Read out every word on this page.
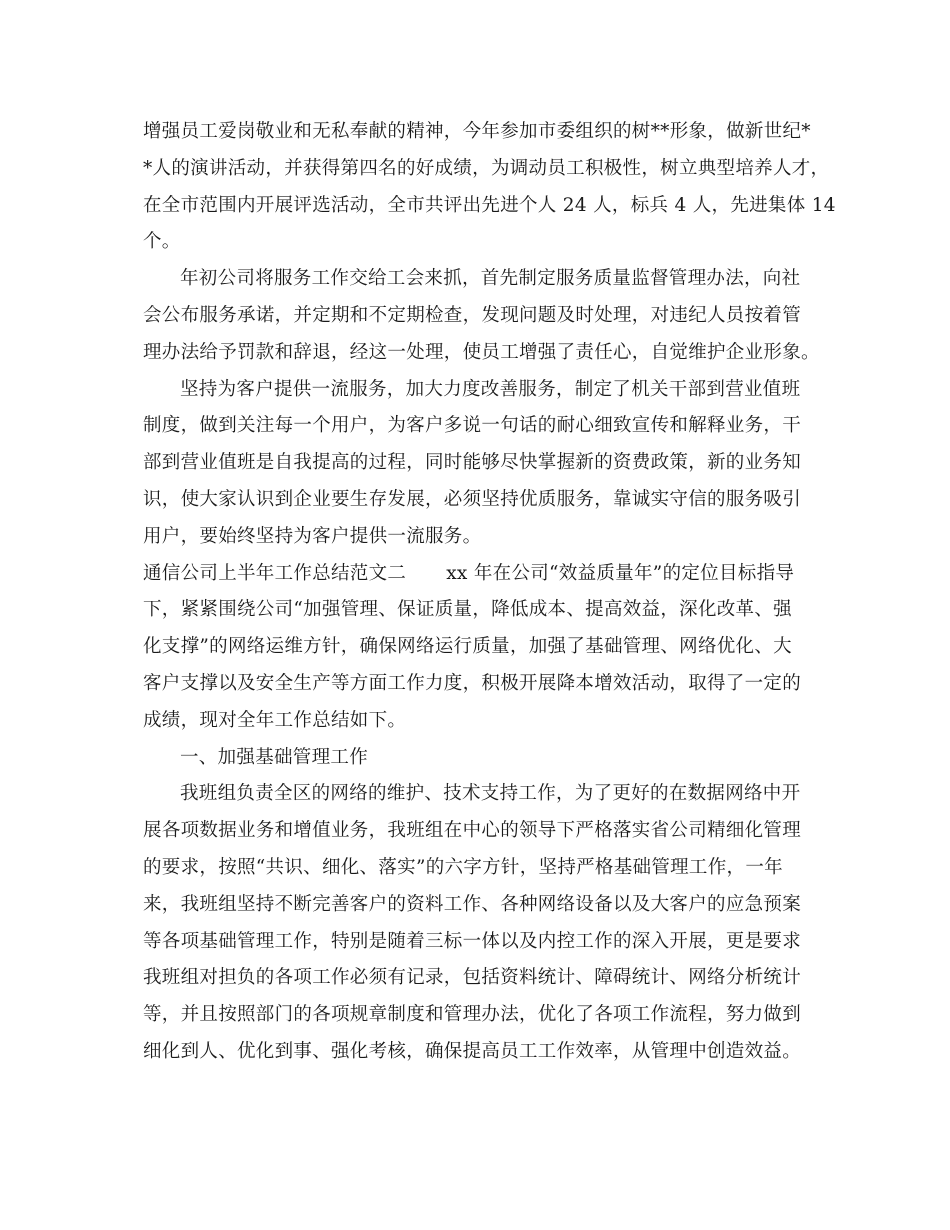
增强员工爱岗敬业和无私奉献的精神，今年参加市委组织的树**形象，做新世纪*
*人的演讲活动，并获得第四名的好成绩，为调动员工积极性，树立典型培养人才，
在全市范围内开展评选活动，全市共评出先进个人 24 人，标兵 4 人，先进集体 14
个。
年初公司将服务工作交给工会来抓，首先制定服务质量监督管理办法，向社
会公布服务承诺，并定期和不定期检查，发现问题及时处理，对违纪人员按着管
理办法给予罚款和辞退，经这一处理，使员工增强了责任心，自觉维护企业形象。
坚持为客户提供一流服务，加大力度改善服务，制定了机关干部到营业值班
制度，做到关注每一个用户，为客户多说一句话的耐心细致宣传和解释业务，干
部到营业值班是自我提高的过程，同时能够尽快掌握新的资费政策，新的业务知
识，使大家认识到企业要生存发展，必须坚持优质服务，靠诚实守信的服务吸引
用户，要始终坚持为客户提供一流服务。
通信公司上半年工作总结范文二 xx 年在公司“效益质量年”的定位目标指导
下，紧紧围绕公司“加强管理、保证质量，降低成本、提高效益，深化改革、强
化支撑”的网络运维方针，确保网络运行质量，加强了基础管理、网络优化、大
客户支撑以及安全生产等方面工作力度，积极开展降本增效活动，取得了一定的
成绩，现对全年工作总结如下。
一、加强基础管理工作
我班组负责全区的网络的维护、技术支持工作，为了更好的在数据网络中开
展各项数据业务和增值业务，我班组在中心的领导下严格落实省公司精细化管理
的要求，按照“共识、细化、落实”的六字方针，坚持严格基础管理工作，一年
来，我班组坚持不断完善客户的资料工作、各种网络设备以及大客户的应急预案
等各项基础管理工作，特别是随着三标一体以及内控工作的深入开展，更是要求
我班组对担负的各项工作必须有记录，包括资料统计、障碍统计、网络分析统计
等，并且按照部门的各项规章制度和管理办法，优化了各项工作流程，努力做到
细化到人、优化到事、强化考核，确保提高员工工作效率，从管理中创造效益。
